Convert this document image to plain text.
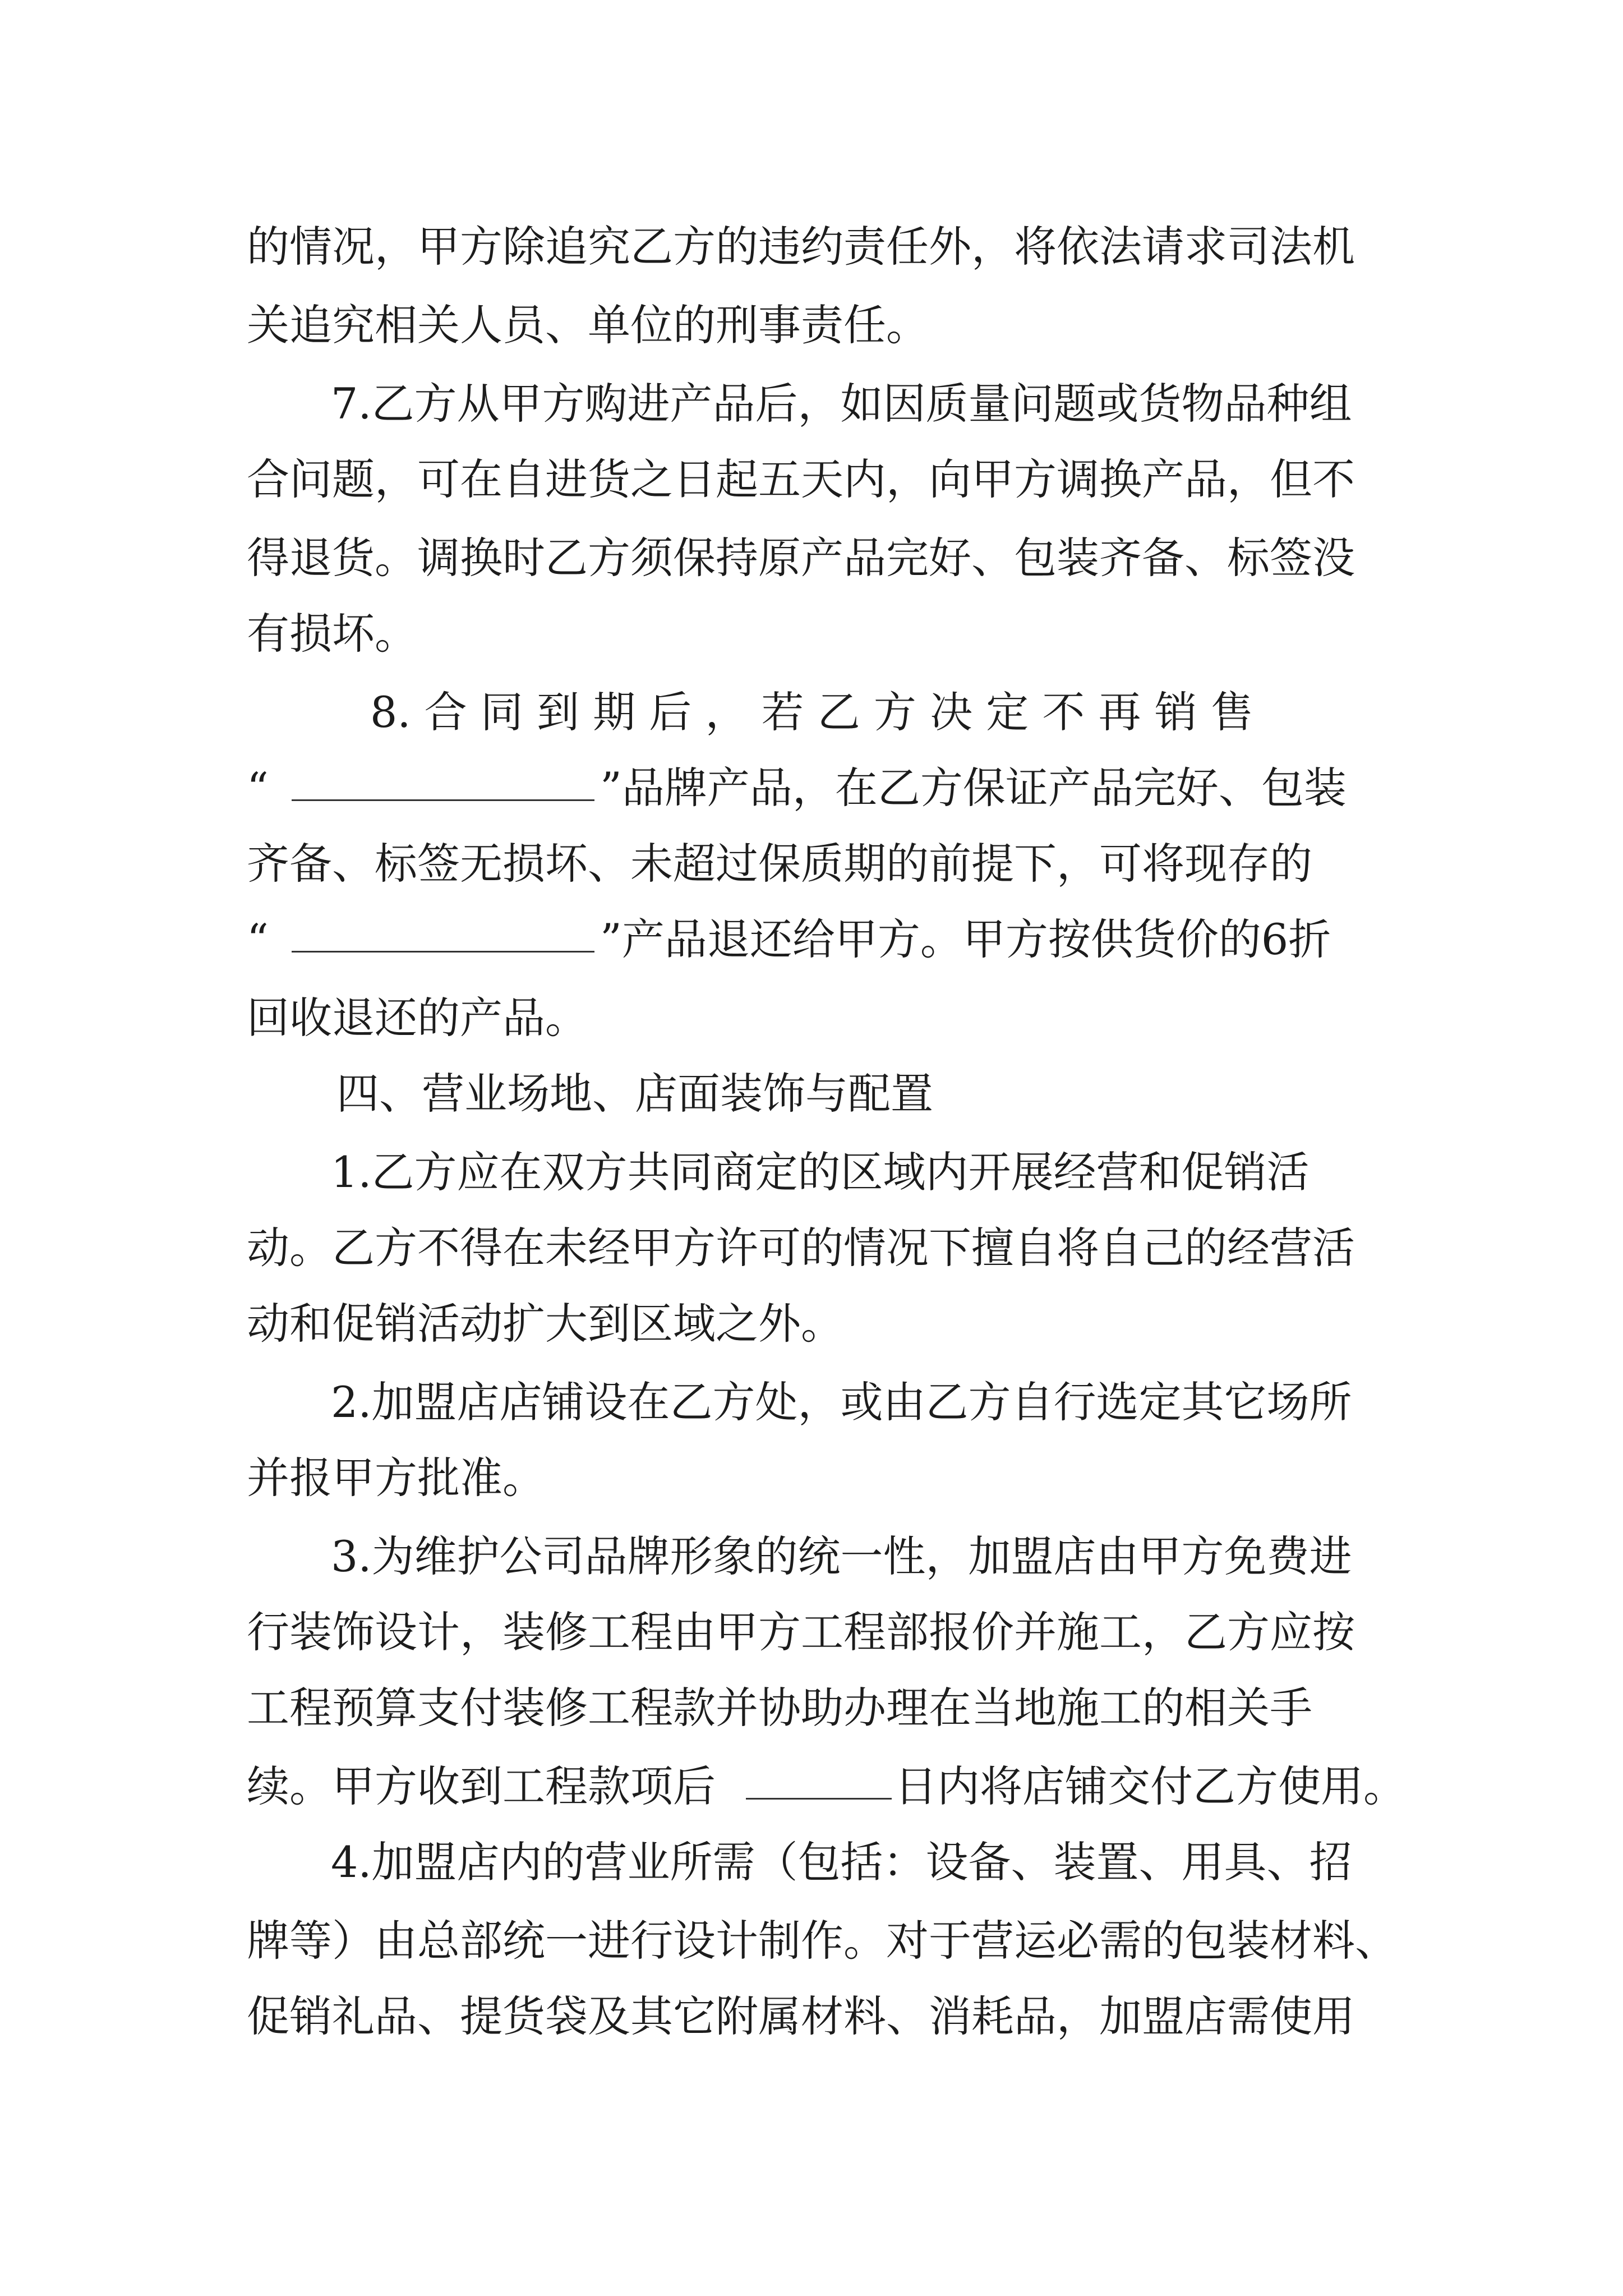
的情况，甲方除追究乙方的违约责任外，将依法请求司法机
关追究相关人员、单位的刑事责任。
7.乙方从甲方购进产品后，如因质量问题或货物品种组
合问题，可在自进货之日起五天内，向甲方调换产品，但不
得退货。调换时乙方须保持原产品完好、包装齐备、标签没
有损坏。
8. 合 同 到 期 后 ， 若 乙 方 决 定 不 再 销 售
“	”品牌产品，在乙方保证产品完好、包装
齐备、标签无损坏、未超过保质期的前提下，可将现存的
“	”产品退还给甲方。甲方按供货价的6折
回收退还的产品。
四、营业场地、店面装饰与配置
1.乙方应在双方共同商定的区域内开展经营和促销活
动。乙方不得在未经甲方许可的情况下擅自将自己的经营活
动和促销活动扩大到区域之外。
2.加盟店店铺设在乙方处，或由乙方自行选定其它场所
并报甲方批准。
3.为维护公司品牌形象的统一性，加盟店由甲方免费进
行装饰设计，装修工程由甲方工程部报价并施工，乙方应按
工程预算支付装修工程款并协助办理在当地施工的相关手
续。甲方收到工程款项后	日内将店铺交付乙方使用。
4.加盟店内的营业所需（包括：设备、装置、用具、招
牌等）由总部统一进行设计制作。对于营运必需的包装材料、
促销礼品、提货袋及其它附属材料、消耗品，加盟店需使用
